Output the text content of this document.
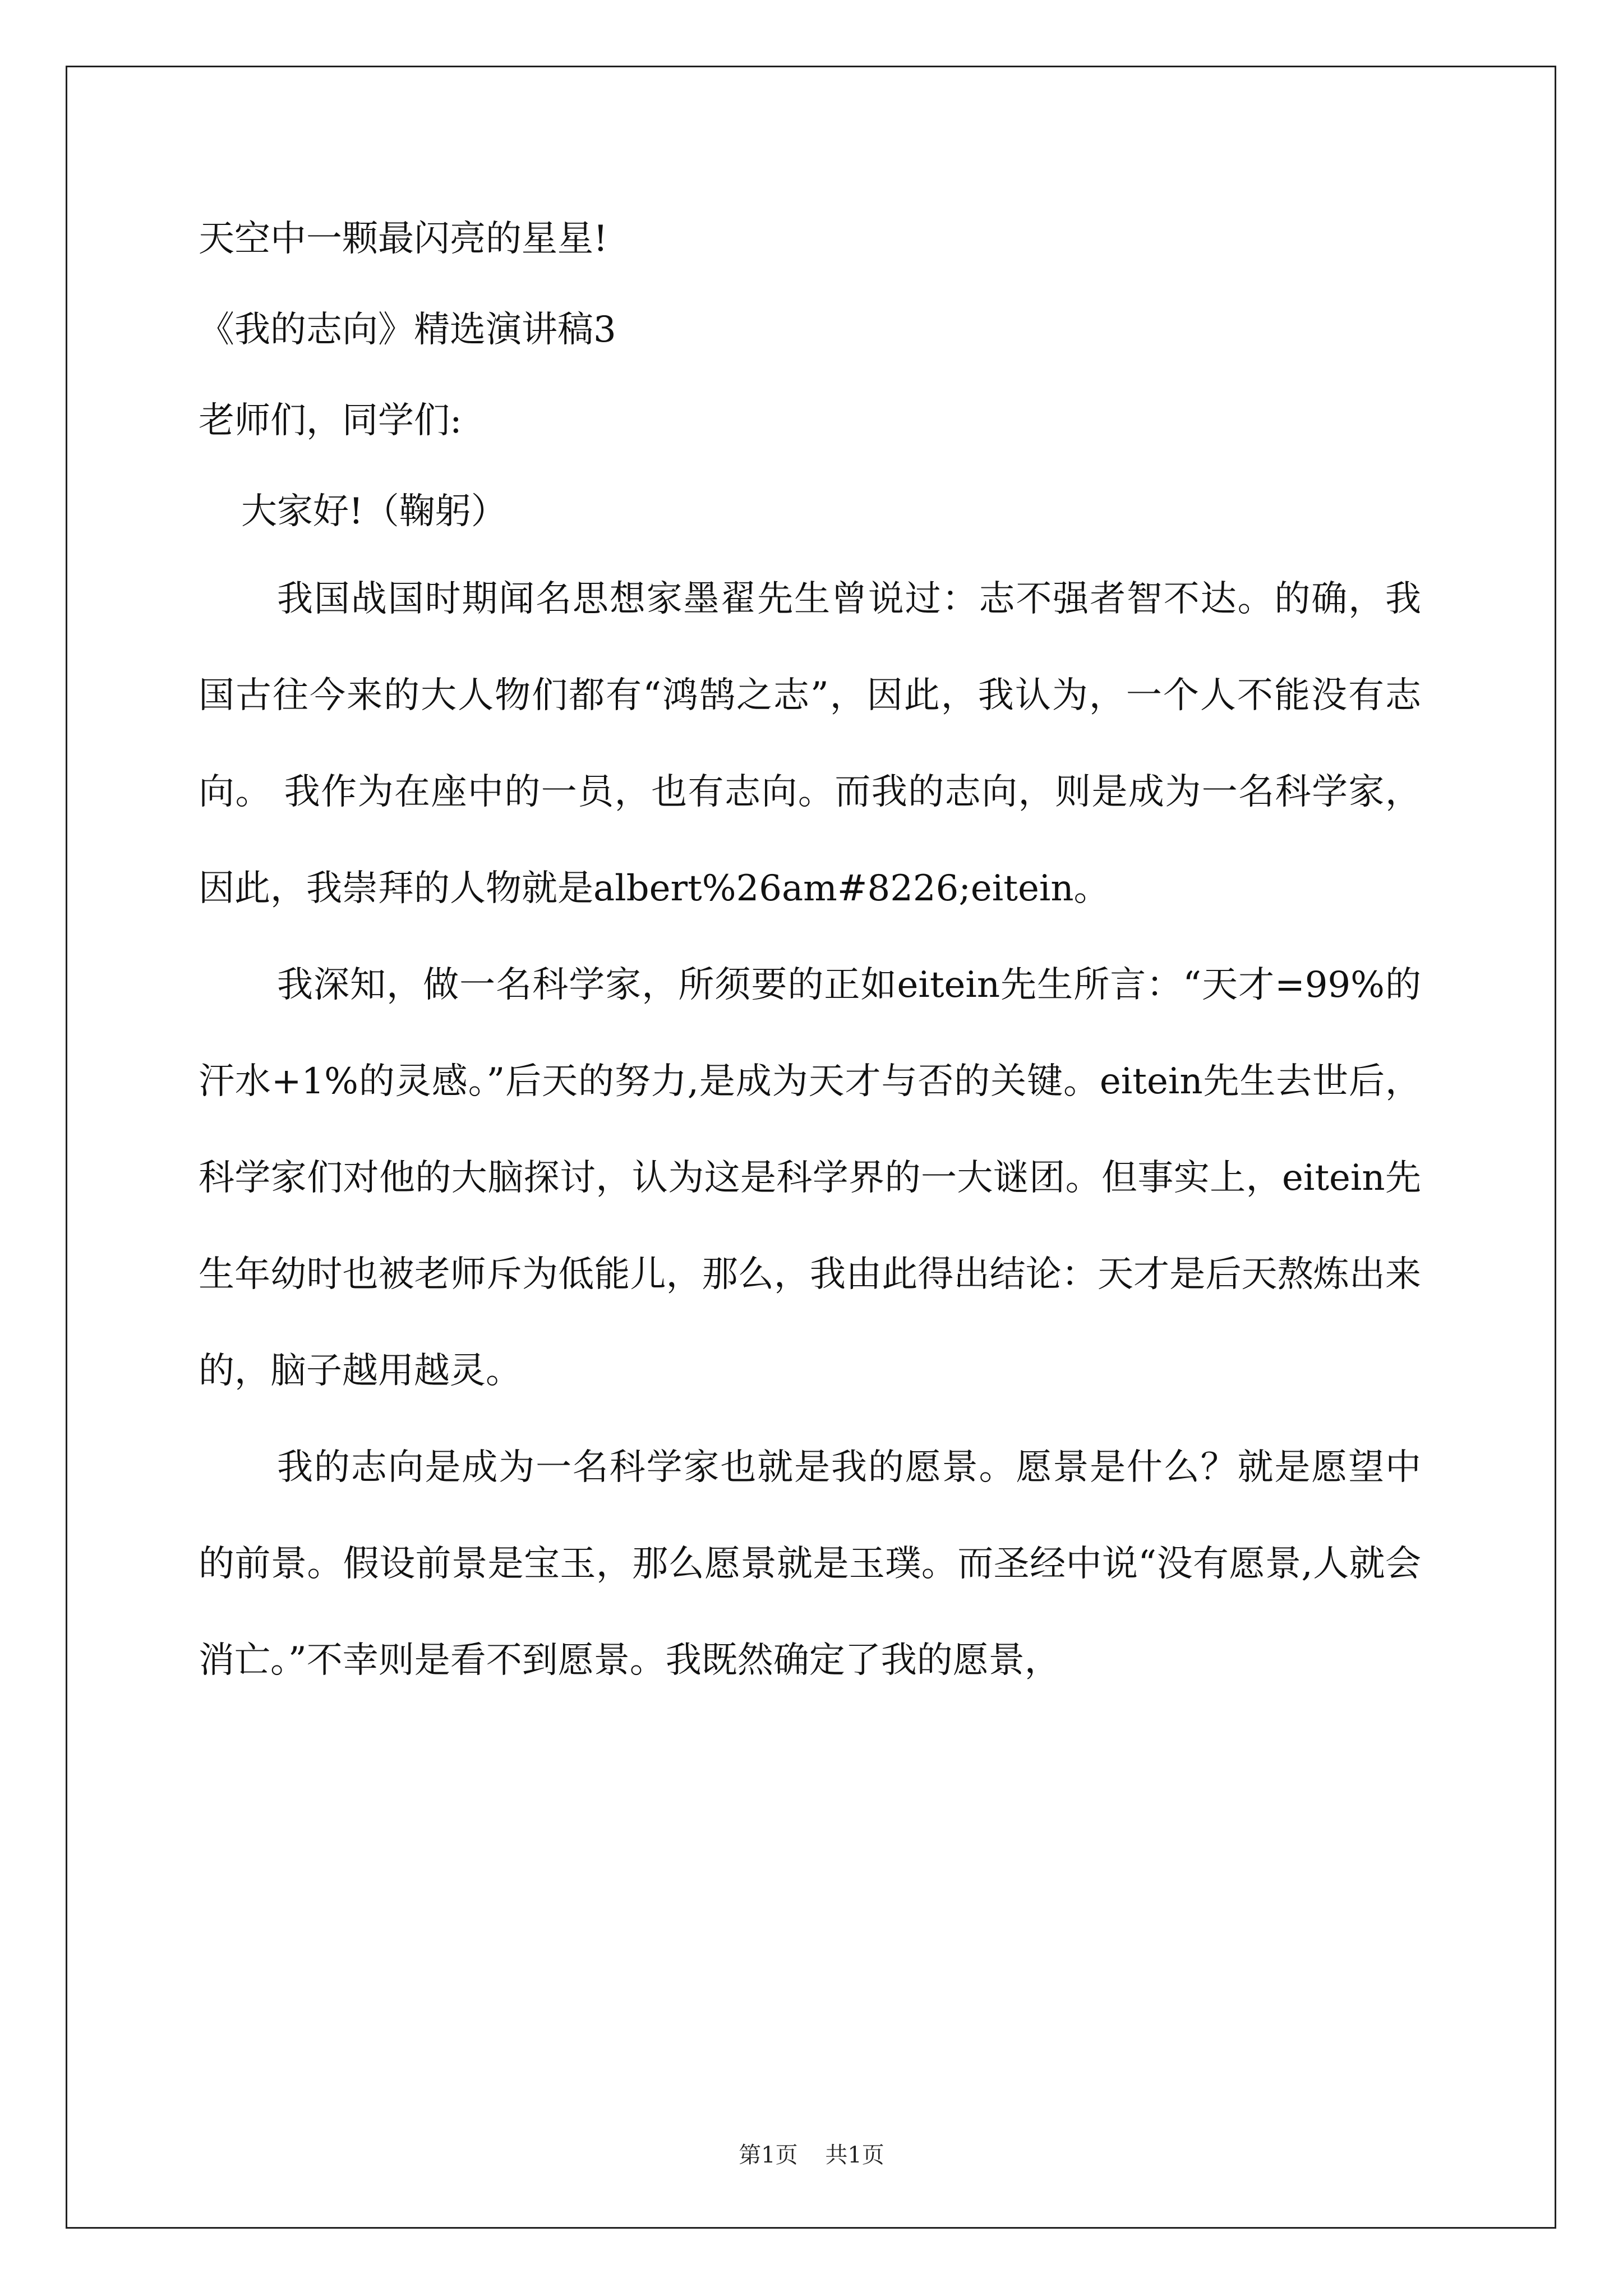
天空中一颗最闪亮的星星!

《我的志向》精选演讲稿3

老师们，同学们:

大家好!（鞠躬）

我国战国时期闻名思想家墨翟先生曾说过：志不强者智不达。的确，我国古往今来的大人物们都有“鸿鹄之志”，因此，我认为，一个人不能没有志向。 我作为在座中的一员，也有志向。而我的志向，则是成为一名科学家，因此，我崇拜的人物就是albert%26am#8226;eitein。

我深知，做一名科学家，所须要的正如eitein先生所言：“天才=99%的汗水+1%的灵感。”后天的努力,是成为天才与否的关键。eitein先生去世后，科学家们对他的大脑探讨，认为这是科学界的一大谜团。但事实上，eitein先生年幼时也被老师斥为低能儿，那么，我由此得出结论：天才是后天熬炼出来的，脑子越用越灵。

我的志向是成为一名科学家也就是我的愿景。愿景是什么？就是愿望中的前景。假设前景是宝玉，那么愿景就是玉璞。而圣经中说“没有愿景,人就会消亡。”不幸则是看不到愿景。我既然确定了我的愿景，

第1页 共1页
